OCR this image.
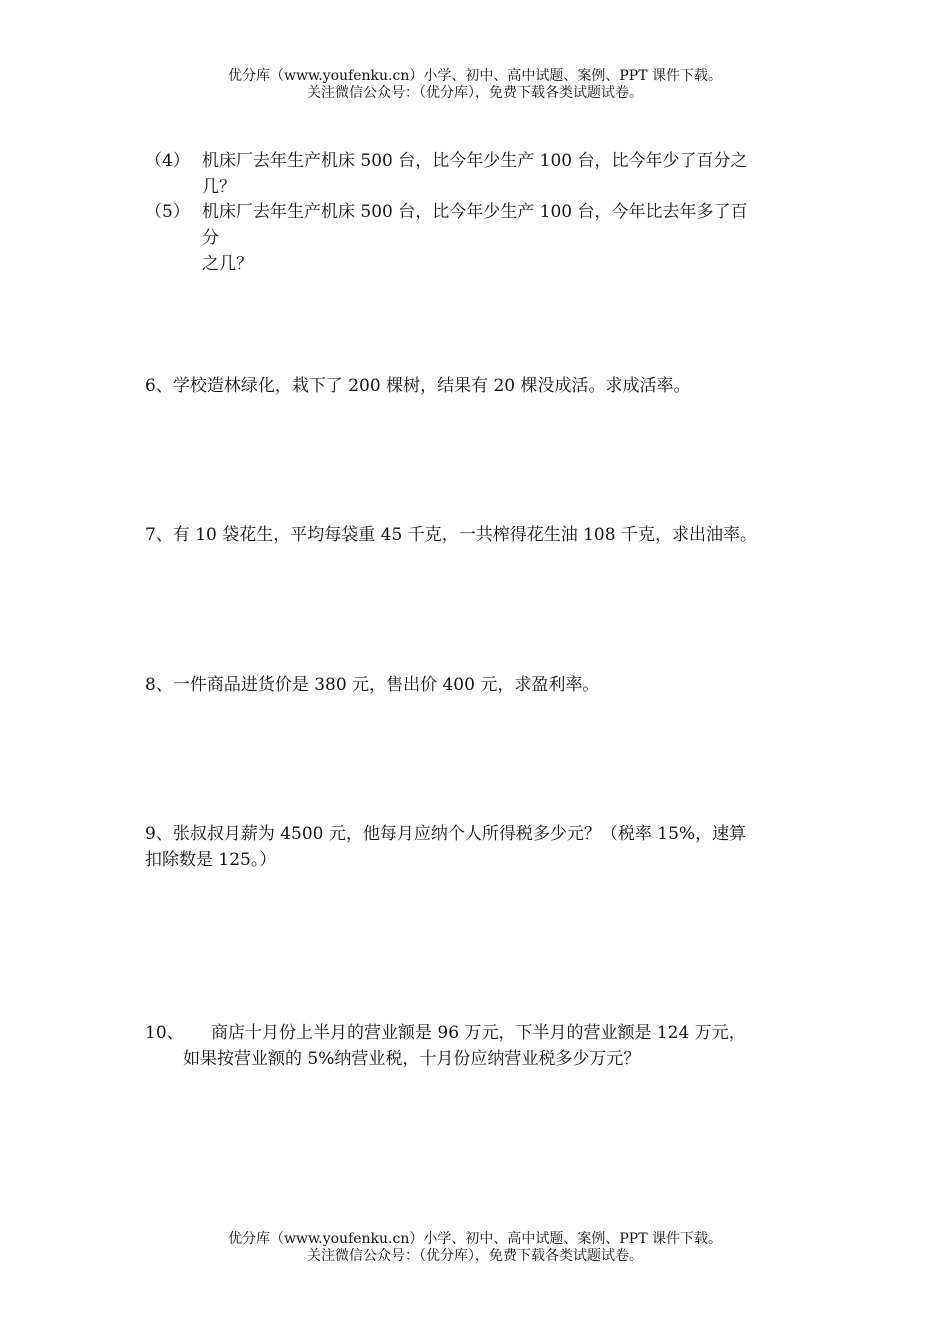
优分库（www.youfenku.cn）小学、初中、高中试题、案例、PPT 课件下载。
关注微信公众号：（优分库），免费下载各类试题试卷。
（4） 机床厂去年生产机床 500 台，比今年少生产 100 台，比今年少了百分之
几？
（5） 机床厂去年生产机床 500 台，比今年少生产 100 台，今年比去年多了百
分
之几？
6、学校造林绿化，栽下了 200 棵树，结果有 20 棵没成活。求成活率。
7、有 10 袋花生，平均每袋重 45 千克，一共榨得花生油 108 千克，求出油率。
8、一件商品进货价是 380 元，售出价 400 元，求盈利率。
9、张叔叔月薪为 4500 元，他每月应纳个人所得税多少元？（税率 15%，速算
扣除数是 125。）
10、 商店十月份上半月的营业额是 96 万元，下半月的营业额是 124 万元，
如果按营业额的 5%纳营业税，十月份应纳营业税多少万元？
优分库（www.youfenku.cn）小学、初中、高中试题、案例、PPT 课件下载。
关注微信公众号：（优分库），免费下载各类试题试卷。
